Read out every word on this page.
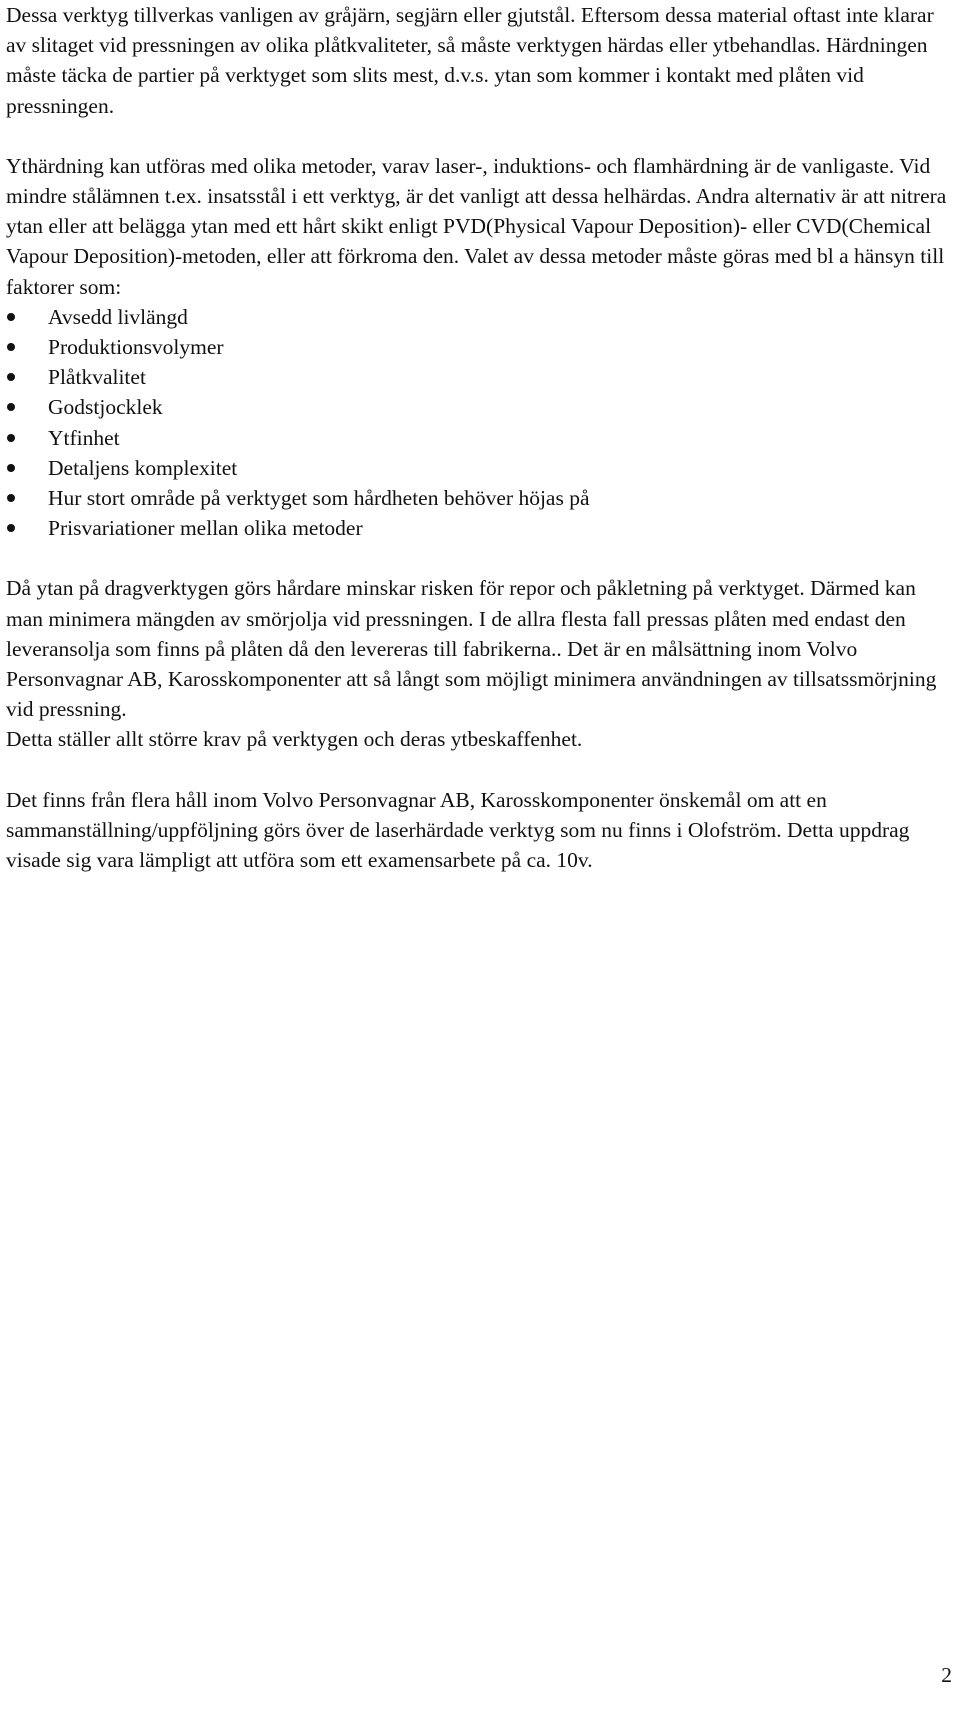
Dessa verktyg tillverkas vanligen av gråjärn, segjärn eller gjutstål. Eftersom dessa material oftast inte klarar av slitaget vid pressningen av olika plåtkvaliteter, så måste verktygen härdas eller ytbehandlas. Härdningen måste täcka de partier på verktyget som slits mest, d.v.s. ytan som kommer i kontakt med plåten vid pressningen.

Ythärdning kan utföras med olika metoder, varav laser-, induktions- och flamhärdning är de vanligaste. Vid mindre stålämnen t.ex. insatsstål i ett verktyg, är det vanligt att dessa helhärdas. Andra alternativ är att nitrera ytan eller att belägga ytan med ett hårt skikt enligt PVD(Physical Vapour Deposition)- eller CVD(Chemical Vapour Deposition)-metoden, eller att förkroma den. Valet av dessa metoder måste göras med bl a hänsyn till faktorer som:

Avsedd livlängd
Produktionsvolymer
Plåtkvalitet
Godstjocklek
Ytfinhet
Detaljens komplexitet
Hur stort område på verktyget som hårdheten behöver höjas på
Prisvariationer mellan olika metoder

Då ytan på dragverktygen görs hårdare minskar risken för repor och påkletning på verktyget. Därmed kan man minimera mängden av smörjolja vid pressningen. I de allra flesta fall pressas plåten med endast den leveransolja som finns på plåten då den levereras till fabrikerna.. Det är en målsättning inom Volvo Personvagnar AB, Karosskomponenter att så långt som möjligt minimera användningen av tillsatssmörjning vid pressning.

Detta ställer allt större krav på verktygen och deras ytbeskaffenhet.

Det finns från flera håll inom Volvo Personvagnar AB, Karosskomponenter önskemål om att en sammanställning/uppföljning görs över de laserhärdade verktyg som nu finns i Olofström. Detta uppdrag visade sig vara lämpligt att utföra som ett examensarbete på ca. 10v.

2
